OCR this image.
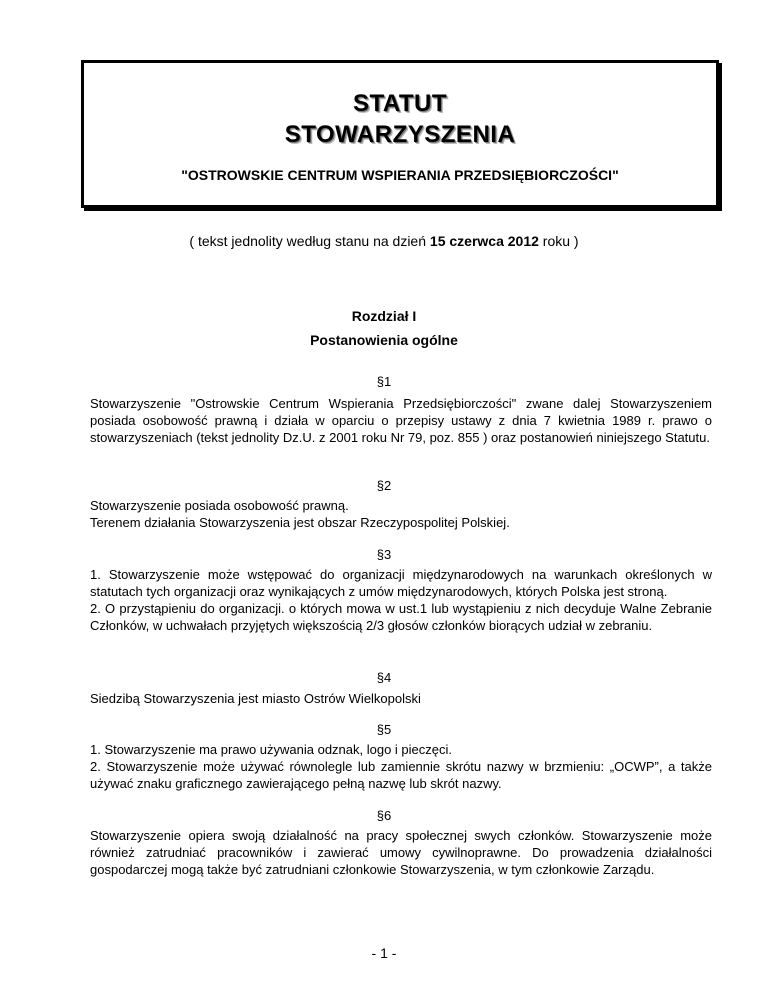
STATUT
STOWARZYSZENIA
"OSTROWSKIE CENTRUM WSPIERANIA PRZEDSIĘBIORCZOŚCI"
( tekst jednolity według stanu na dzień 15 czerwca 2012 roku )
Rozdział I
Postanowienia ogólne
§1

Stowarzyszenie "Ostrowskie Centrum Wspierania Przedsiębiorczości" zwane dalej Stowarzyszeniem posiada osobowość prawną i działa w oparciu o przepisy ustawy z dnia 7 kwietnia 1989 r. prawo o stowarzyszeniach (tekst jednolity Dz.U. z 2001 roku Nr 79, poz. 855 ) oraz postanowień niniejszego Statutu.

§2

Stowarzyszenie posiada osobowość prawną.

Terenem działania Stowarzyszenia jest obszar Rzeczypospolitej Polskiej.

§3

1. Stowarzyszenie może wstępować do organizacji międzynarodowych na warunkach określonych w statutach tych organizacji oraz wynikających z umów międzynarodowych, których Polska jest stroną.

2. O przystąpieniu do organizacji. o których mowa w ust.1 lub wystąpieniu z nich decyduje Walne Zebranie Członków, w uchwałach przyjętych większością 2/3 głosów członków biorących udział w zebraniu.

§4

Siedzibą Stowarzyszenia jest miasto Ostrów Wielkopolski

§5

1. Stowarzyszenie ma prawo używania odznak, logo i pieczęci.

2. Stowarzyszenie może używać równolegle lub zamiennie skrótu nazwy w brzmieniu: „OCWP”, a także używać znaku graficznego zawierającego pełną nazwę lub skrót nazwy.

§6

Stowarzyszenie opiera swoją działalność na pracy społecznej swych członków. Stowarzyszenie może również zatrudniać pracowników i zawierać umowy cywilnoprawne. Do prowadzenia działalności gospodarczej mogą także być zatrudniani członkowie Stowarzyszenia, w tym członkowie Zarządu.

- 1 -
